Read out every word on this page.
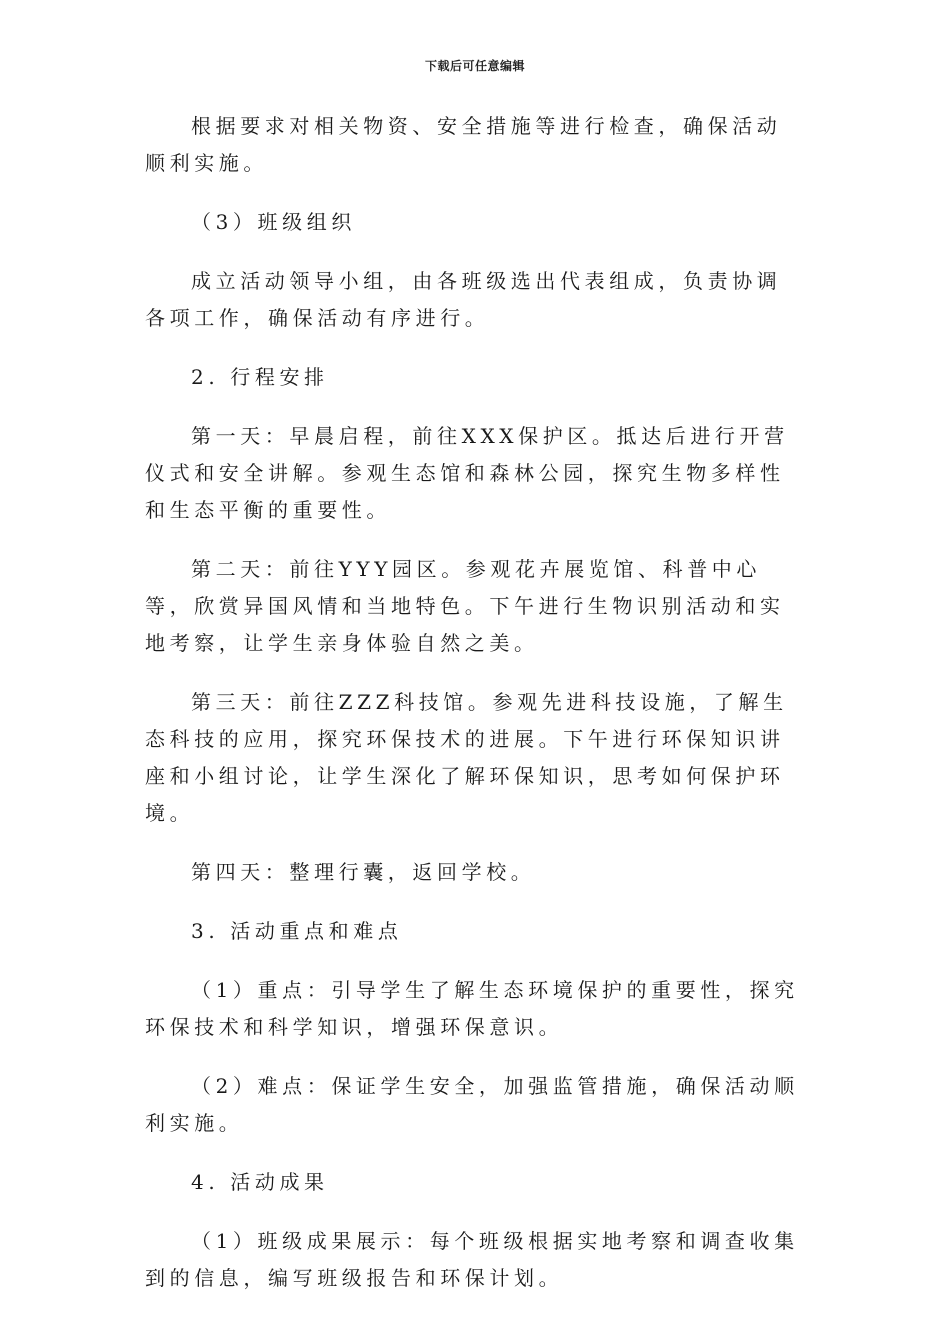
下载后可任意编辑

根据要求对相关物资、安全措施等进行检查，确保活动顺利实施。

（3）班级组织

成立活动领导小组，由各班级选出代表组成，负责协调各项工作，确保活动有序进行。

2. 行程安排

第一天：早晨启程，前往XXX保护区。抵达后进行开营仪式和安全讲解。参观生态馆和森林公园，探究生物多样性和生态平衡的重要性。

第二天：前往YYY园区。参观花卉展览馆、科普中心等，欣赏异国风情和当地特色。下午进行生物识别活动和实地考察，让学生亲身体验自然之美。

第三天：前往ZZZ科技馆。参观先进科技设施，了解生态科技的应用，探究环保技术的进展。下午进行环保知识讲座和小组讨论，让学生深化了解环保知识，思考如何保护环境。

第四天：整理行囊，返回学校。

3. 活动重点和难点

（1）重点：引导学生了解生态环境保护的重要性，探究环保技术和科学知识，增强环保意识。

（2）难点：保证学生安全，加强监管措施，确保活动顺利实施。

4. 活动成果

（1）班级成果展示：每个班级根据实地考察和调查收集到的信息，编写班级报告和环保计划。
